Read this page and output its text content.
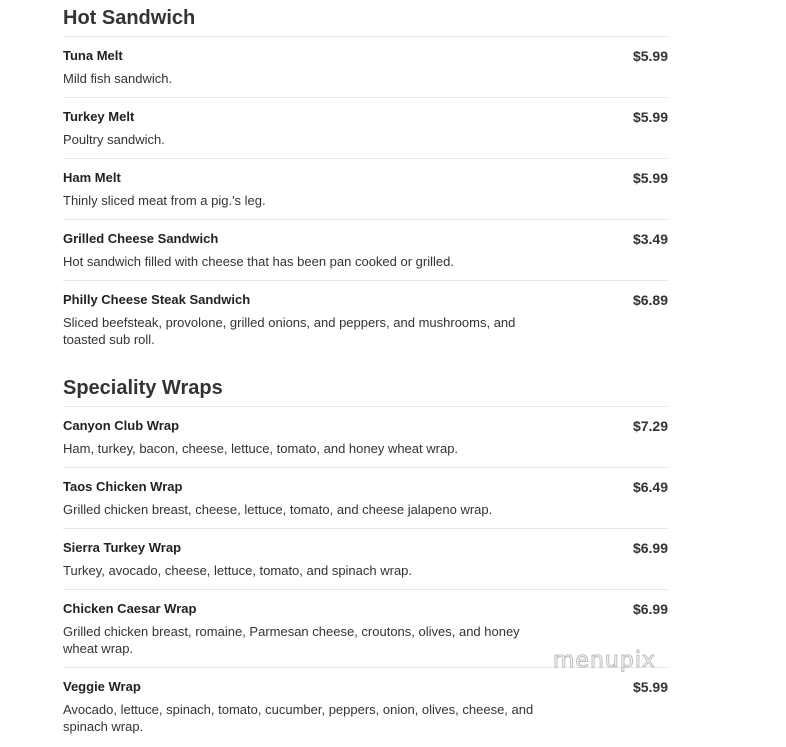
Hot Sandwich
Tuna Melt	$5.99
Mild fish sandwich.
Turkey Melt	$5.99
Poultry sandwich.
Ham Melt	$5.99
Thinly sliced meat from a pig.'s leg.
Grilled Cheese Sandwich	$3.49
Hot sandwich filled with cheese that has been pan cooked or grilled.
Philly Cheese Steak Sandwich	$6.89
Sliced beefsteak, provolone, grilled onions, and peppers, and mushrooms, and toasted sub roll.
Speciality Wraps
Canyon Club Wrap	$7.29
Ham, turkey, bacon, cheese, lettuce, tomato, and honey wheat wrap.
Taos Chicken Wrap	$6.49
Grilled chicken breast, cheese, lettuce, tomato, and cheese jalapeno wrap.
Sierra Turkey Wrap	$6.99
Turkey, avocado, cheese, lettuce, tomato, and spinach wrap.
Chicken Caesar Wrap	$6.99
Grilled chicken breast, romaine, Parmesan cheese, croutons, olives, and honey wheat wrap.
Veggie Wrap	$5.99
Avocado, lettuce, spinach, tomato, cucumber, peppers, onion, olives, cheese, and spinach wrap.
menupix
